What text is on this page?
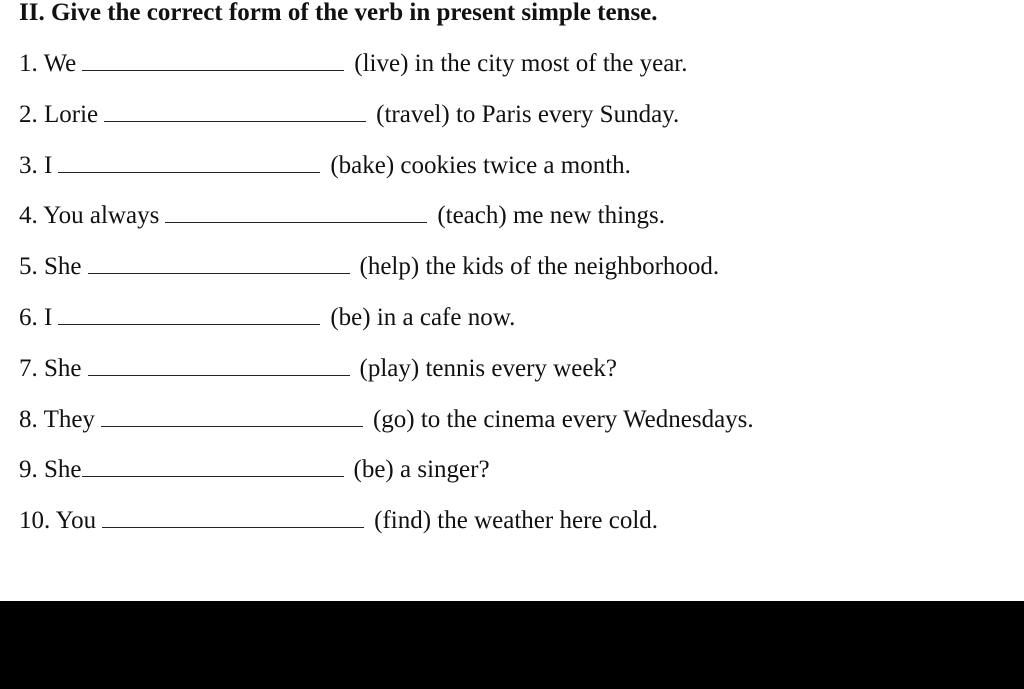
II. Give the correct form of the verb in present simple tense.
1. We	(live) in the city most of the year.
2. Lorie	(travel) to Paris every Sunday.
3. I	(bake) cookies twice a month.
4. You always	(teach) me new things.
5. She	(help) the kids of the neighborhood.
6. I	(be) in a cafe now.
7. She	(play) tennis every week?
8. They	(go) to the cinema every Wednesdays.
9. She	(be) a singer?
10. You	(find) the weather here cold.
